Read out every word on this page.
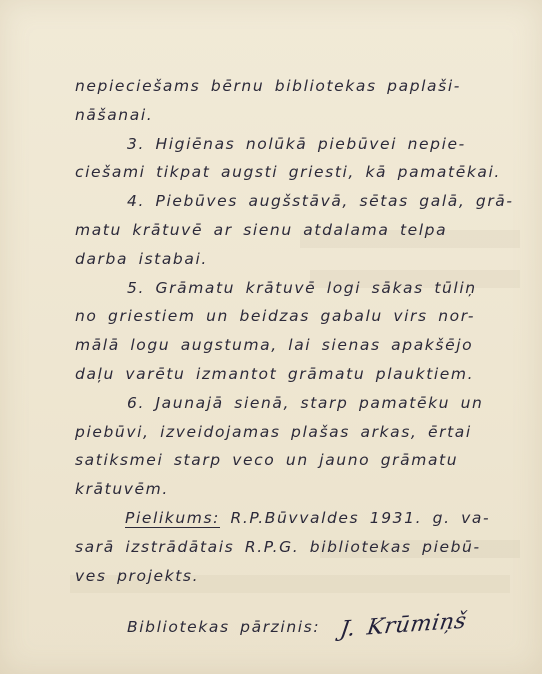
nepieciešams bērnu bibliotekas paplaši-
nāšanai.
3. Higiēnas nolūkā piebūvei nepie-
ciešami tikpat augsti griesti, kā pamatēkai.
4. Piebūves augšstāvā, sētas galā, grā-
matu krātuvē ar sienu atdalama telpa
darba istabai.
5. Grāmatu krātuvē logi sākas tūliņ
no griestiem un beidzas gabalu virs nor-
mālā logu augstuma, lai sienas apakšējo
daļu varētu izmantot grāmatu plauktiem.
6. Jaunajā sienā, starp pamatēku un
piebūvi, izveidojamas plašas arkas, ērtai
satiksmei starp veco un jauno grāmatu
krātuvēm.
Pielikums: R.P.Būvvaldes 1931. g. va-
sarā izstrādātais R.P.G. bibliotekas piebū-
ves projekts.
Bibliotekas pārzinis: J. Krūmiņš
